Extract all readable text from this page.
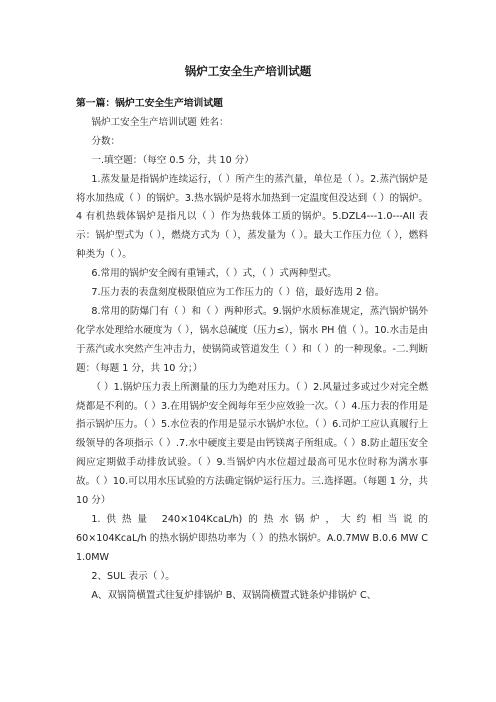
锅炉工安全生产培训试题

第一篇：锅炉工安全生产培训试题

锅炉工安全生产培训试题 姓名：

分数：

一.填空题：（每空 0.5 分，共 10 分）

1.蒸发量是指锅炉连续运行，（ ）所产生的蒸汽量，单位是（ ）。2.蒸汽锅炉是将水加热成（ ）的锅炉。3.热水锅炉是将水加热到一定温度但没达到（ ）的锅炉。4 有机热载体锅炉是指凡以（ ）作为热载体工质的锅炉。5.DZL4---1.0---AII 表示：锅炉型式为（ ），燃烧方式为（ ），蒸发量为（ ）。最大工作压力位（ ），燃料种类为（ ）。

6.常用的锅炉安全阀有重锤式，（ ）式，（ ）式两种型式。

7.压力表的表盘刻度极限值应为工作压力的（ ）倍，最好选用 2 倍。

8.常用的防爆门有（ ）和（ ）两种形式。9.锅炉水质标准规定，蒸汽锅炉锅外化学水处理给水硬度为（ ），锅水总碱度（压力≤），锅水 PH 值（ ）。10.水击是由于蒸汽或水突然产生冲击力，使锅筒或管道发生（ ）和（ ）的一种现象。-二.判断题：（每题 1 分，共 10 分；）

（ ）1.锅炉压力表上所测量的压力为绝对压力。（ ）2.风量过多或过少对完全燃烧都是不利的。（ ）3.在用锅炉安全阀每年至少应效验一次。（ ）4.压力表的作用是指示锅炉压力。（ ）5.水位表的作用是显示水锅炉水位。（ ）6.司炉工应认真履行上级领导的各项指示（ ）.7.水中硬度主要是由钙镁离子所组成。（ ）8.防止超压安全阀应定期做手动排放试验。（ ）9.当锅炉内水位超过最高可见水位时称为满水事故。（ ）10.可以用水压试验的方法确定锅炉运行压力。三.选择题。（每题 1 分，共 10 分）

1.供热量 240×104KcaL/h)的热水锅炉，大约相当说的

60×104KcaL/h 的热水锅炉即热功率为（ ）的热水锅炉。A.0.7MW B.0.6 MW C 1.0MW

2、SUL 表示（ ）。

A、双锅筒横置式往复炉排锅炉 B、双锅筒横置式链条炉排锅炉 C、
